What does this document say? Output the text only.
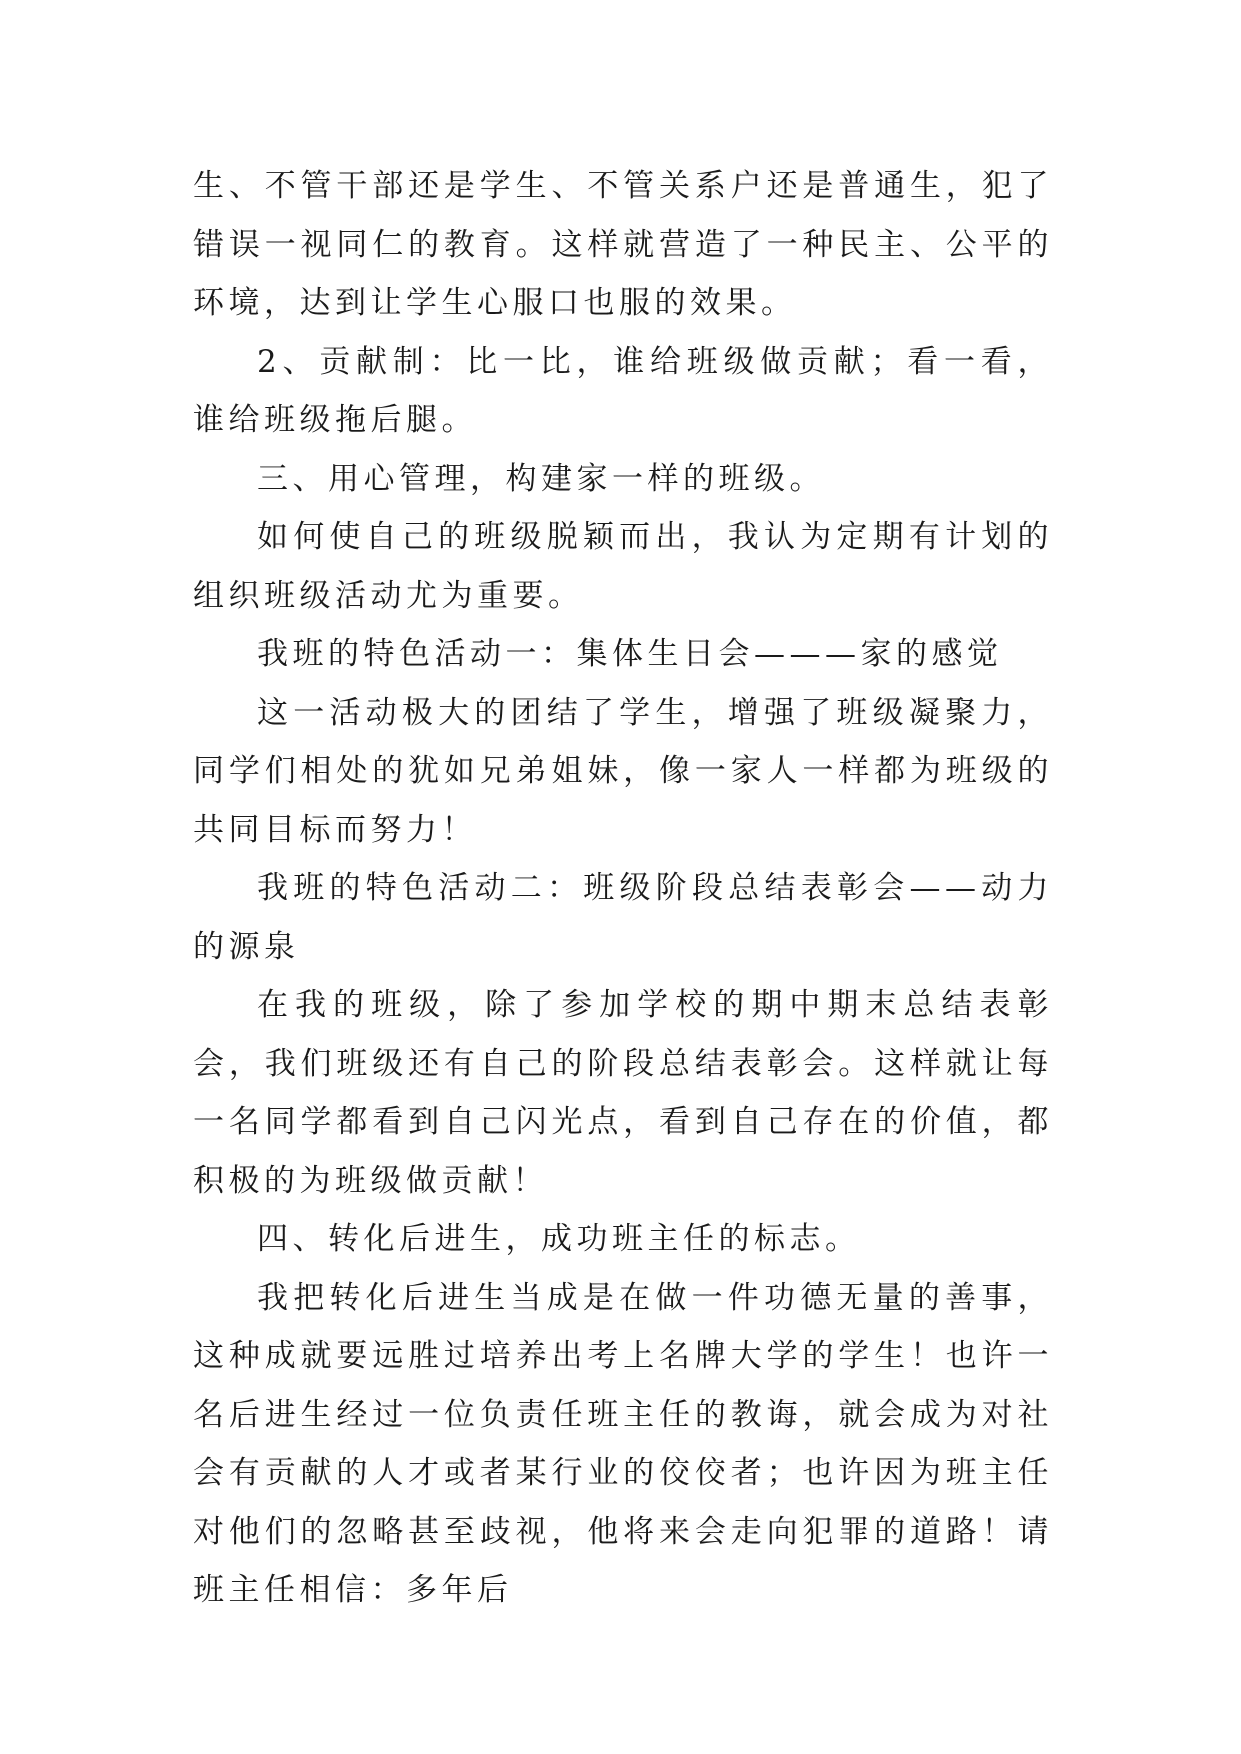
生、不管干部还是学生、不管关系户还是普通生，犯了错误一视同仁的教育。这样就营造了一种民主、公平的环境，达到让学生心服口也服的效果。

2、贡献制：比一比，谁给班级做贡献；看一看，谁给班级拖后腿。

三、用心管理，构建家一样的班级。

如何使自己的班级脱颖而出，我认为定期有计划的组织班级活动尤为重要。

我班的特色活动一：集体生日会———家的感觉

这一活动极大的团结了学生，增强了班级凝聚力，同学们相处的犹如兄弟姐妹，像一家人一样都为班级的共同目标而努力！

我班的特色活动二：班级阶段总结表彰会——动力的源泉

在我的班级，除了参加学校的期中期末总结表彰会，我们班级还有自己的阶段总结表彰会。这样就让每一名同学都看到自己闪光点，看到自己存在的价值，都积极的为班级做贡献！

四、转化后进生，成功班主任的标志。

我把转化后进生当成是在做一件功德无量的善事，这种成就要远胜过培养出考上名牌大学的学生！也许一名后进生经过一位负责任班主任的教诲，就会成为对社会有贡献的人才或者某行业的佼佼者；也许因为班主任对他们的忽略甚至歧视，他将来会走向犯罪的道路！请班主任相信：多年后
